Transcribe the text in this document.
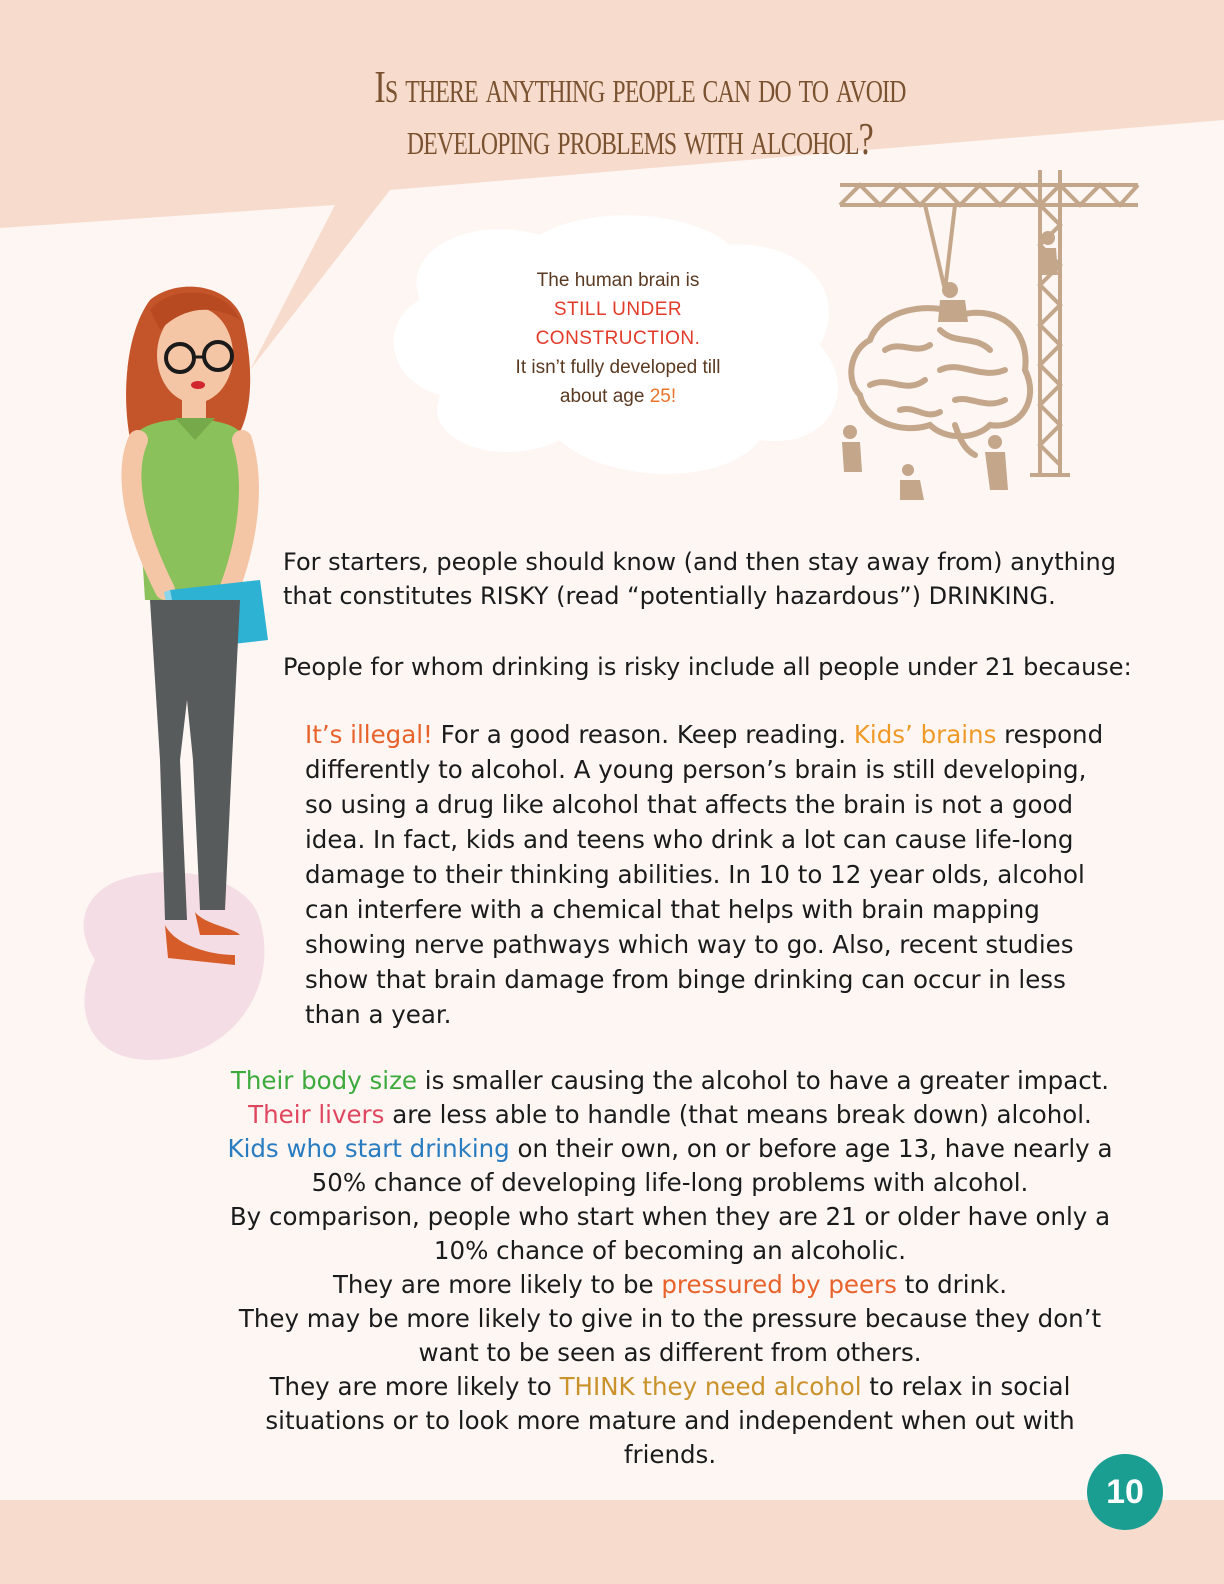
Is there anything people can do to avoid
developing problems with alcohol?
The human brain is
STILL UNDER
CONSTRUCTION.
It isn’t fully developed till
about age 25!
For starters, people should know (and then stay away from) anything that constitutes RISKY (read “potentially hazardous”) DRINKING.
People for whom drinking is risky include all people under 21 because:
It’s illegal! For a good reason. Keep reading. Kids’ brains respond differently to alcohol. A young person’s brain is still developing, so using a drug like alcohol that affects the brain is not a good idea. In fact, kids and teens who drink a lot can cause life-long damage to their thinking abilities. In 10 to 12 year olds, alcohol can interfere with a chemical that helps with brain mapping showing nerve pathways which way to go. Also, recent studies show that brain damage from binge drinking can occur in less than a year.

Their body size is smaller causing the alcohol to have a greater impact.

Their livers are less able to handle (that means break down) alcohol.

Kids who start drinking on their own, on or before age 13, have nearly a 50% chance of developing life-long problems with alcohol.

By comparison, people who start when they are 21 or older have only a 10% chance of becoming an alcoholic.

They are more likely to be pressured by peers to drink.

They may be more likely to give in to the pressure because they don’t want to be seen as different from others.

They are more likely to THINK they need alcohol to relax in social situations or to look more mature and independent when out with friends.

10
